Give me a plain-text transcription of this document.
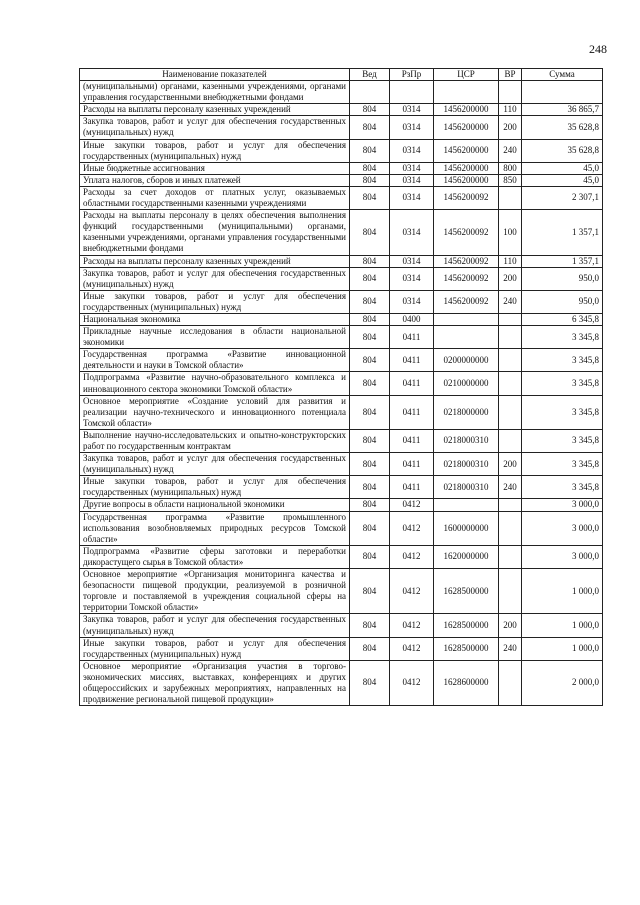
248
Наименование показателей	Вед	РзПр	ЦСР	ВР	Сумма
(муниципальными) органами, казенными учреждениями, органами управления государственными внебюджетными фондами					
Расходы на выплаты персоналу казенных учреждений	804	0314	1456200000	110	36 865,7
Закупка товаров, работ и услуг для обеспечения государственных (муниципальных) нужд	804	0314	1456200000	200	35 628,8
Иные закупки товаров, работ и услуг для обеспечения государственных (муниципальных) нужд	804	0314	1456200000	240	35 628,8
Иные бюджетные ассигнования	804	0314	1456200000	800	45,0
Уплата налогов, сборов и иных платежей	804	0314	1456200000	850	45,0
Расходы за счет доходов от платных услуг, оказываемых областными государственными казенными учреждениями	804	0314	1456200092		2 307,1
Расходы на выплаты персоналу в целях обеспечения выполнения функций государственными (муниципальными) органами, казенными учреждениями, органами управления государственными внебюджетными фондами	804	0314	1456200092	100	1 357,1
Расходы на выплаты персоналу казенных учреждений	804	0314	1456200092	110	1 357,1
Закупка товаров, работ и услуг для обеспечения государственных (муниципальных) нужд	804	0314	1456200092	200	950,0
Иные закупки товаров, работ и услуг для обеспечения государственных (муниципальных) нужд	804	0314	1456200092	240	950,0
Национальная экономика	804	0400			6 345,8
Прикладные научные исследования в области национальной экономики	804	0411			3 345,8
Государственная программа «Развитие инновационной деятельности и науки в Томской области»	804	0411	0200000000		3 345,8
Подпрограмма «Развитие научно-образовательного комплекса и инновационного сектора экономики Томской области»	804	0411	0210000000		3 345,8
Основное мероприятие «Создание условий для развития и реализации научно-технического и инновационного потенциала Томской области»	804	0411	0218000000		3 345,8
Выполнение научно-исследовательских и опытно-конструкторских работ по государственным контрактам	804	0411	0218000310		3 345,8
Закупка товаров, работ и услуг для обеспечения государственных (муниципальных) нужд	804	0411	0218000310	200	3 345,8
Иные закупки товаров, работ и услуг для обеспечения государственных (муниципальных) нужд	804	0411	0218000310	240	3 345,8
Другие вопросы в области национальной экономики	804	0412			3 000,0
Государственная программа «Развитие промышленного использования возобновляемых природных ресурсов Томской области»	804	0412	1600000000		3 000,0
Подпрограмма «Развитие сферы заготовки и переработки дикорастущего сырья в Томской области»	804	0412	1620000000		3 000,0
Основное мероприятие «Организация мониторинга качества и безопасности пищевой продукции, реализуемой в розничной торговле и поставляемой в учреждения социальной сферы на территории Томской области»	804	0412	1628500000		1 000,0
Закупка товаров, работ и услуг для обеспечения государственных (муниципальных) нужд	804	0412	1628500000	200	1 000,0
Иные закупки товаров, работ и услуг для обеспечения государственных (муниципальных) нужд	804	0412	1628500000	240	1 000,0
Основное мероприятие «Организация участия в торгово-экономических миссиях, выставках, конференциях и других общероссийских и зарубежных мероприятиях, направленных на продвижение региональной пищевой продукции»	804	0412	1628600000		2 000,0
